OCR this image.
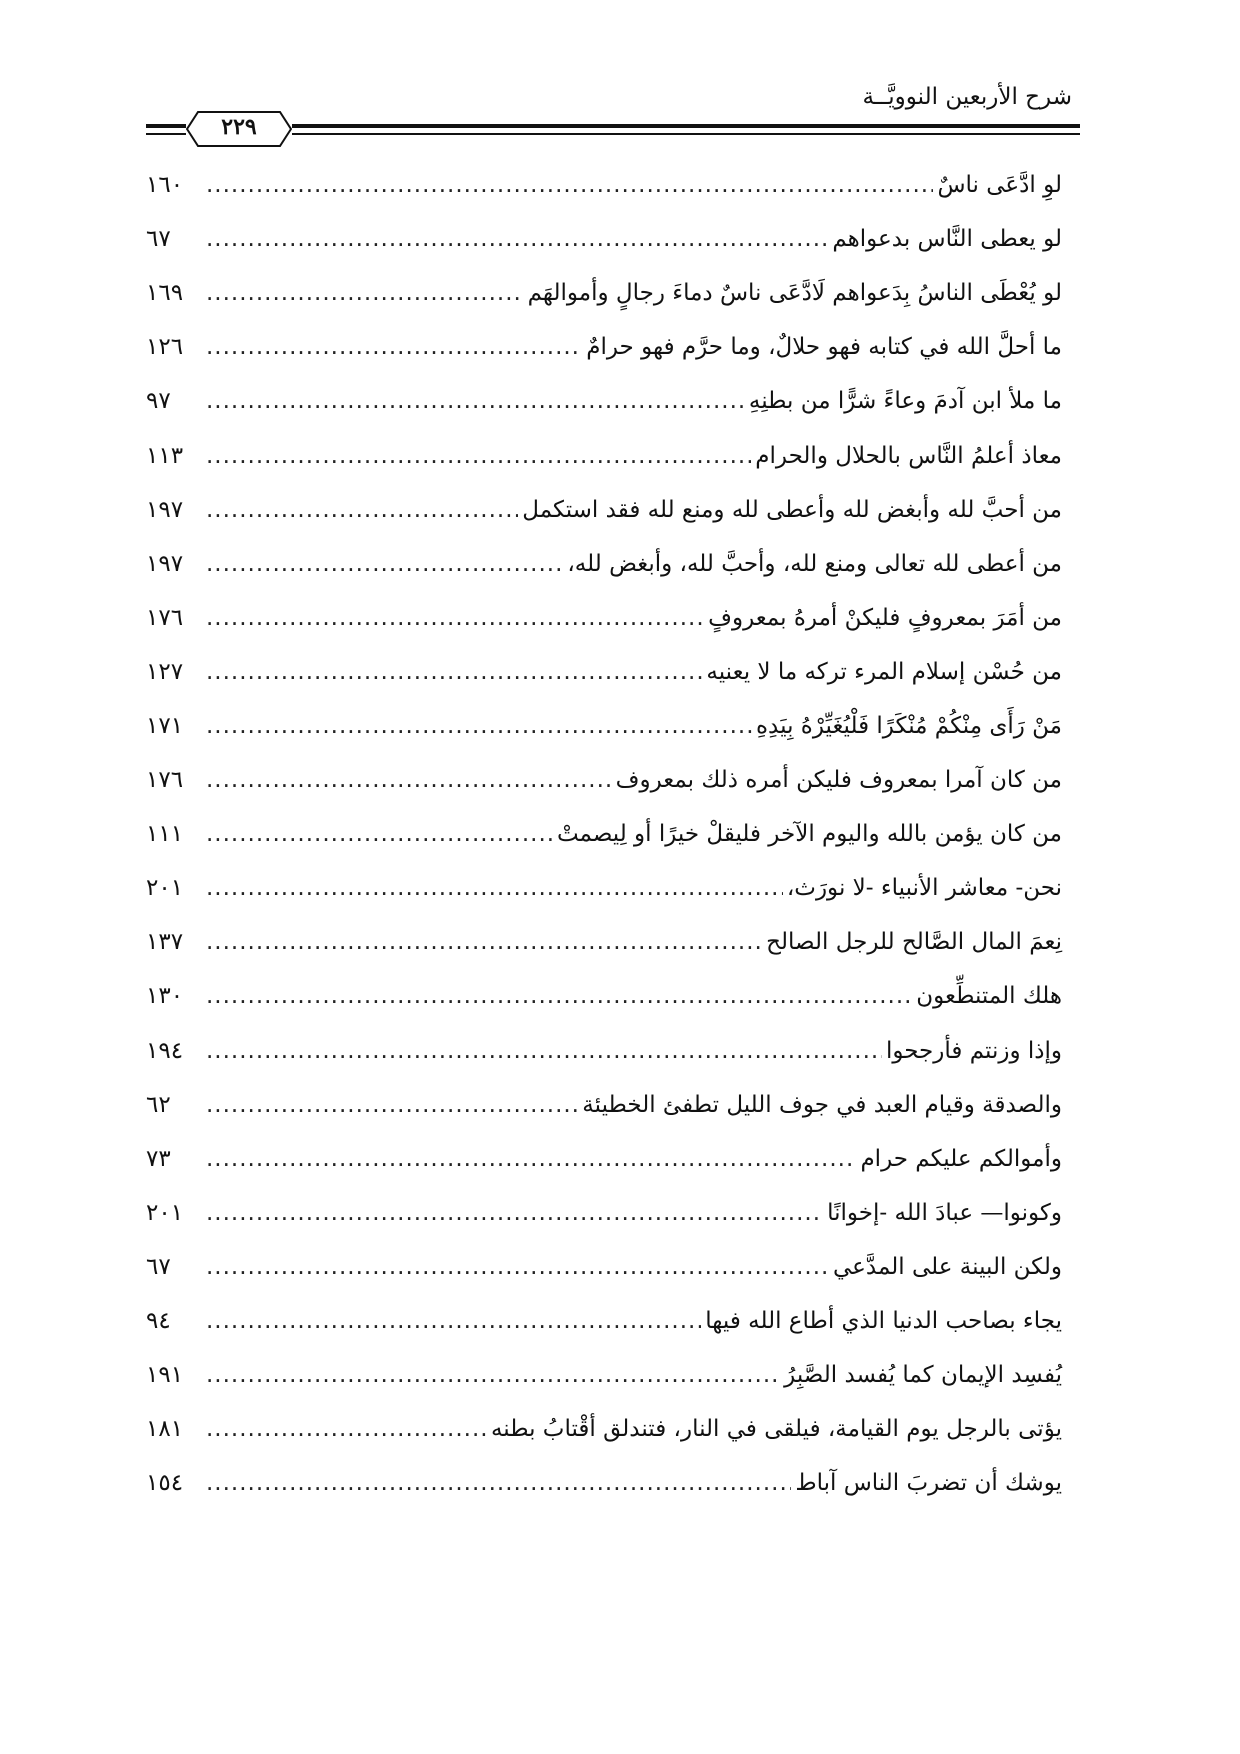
شرح الأربعين النوويَّــة
٢٢٩
لوِ ادَّعَى ناسٌ
.....
١٦٠
لو يعطى النَّاس بدعواهم
.....
٦٧
لو يُعْطَى الناسُ بِدَعواهم لَادَّعَى ناسٌ دماءَ رجالٍ وأموالهَم
.....
١٦٩
ما أحلَّ الله في كتابه فهو حلالٌ، وما حرَّم فهو حرامٌ
.....
١٢٦
ما ملأ ابن آدمَ وعاءً شرًّا من بطنِهِ
.....
٩٧
معاذ أعلمُ النَّاس بالحلال والحرام
.....
١١٣
من أحبَّ لله وأبغض لله وأعطى لله ومنع لله فقد استكمل
.....
١٩٧
من أعطى لله تعالى ومنع لله، وأحبَّ لله، وأبغض لله،
.....
١٩٧
من أمَرَ بمعروفٍ فليكنْ أمرهُ بمعروفٍ
.....
١٧٦
من حُسْن إسلام المرء تركه ما لا يعنيه
.....
١٢٧
مَنْ رَأَى مِنْكُمْ مُنْكَرًا فَلْيُغَيِّرْهُ بِيَدِهِ
.....
١٧١
من كان آمرا بمعروف فليكن أمره ذلك بمعروف
.....
١٧٦
من كان يؤمن بالله واليوم الآخر فليقلْ خيرًا أو لِيصمتْ
.....
١١١
نحن- معاشر الأنبياء -لا نورَث،
.....
٢٠١
نِعمَ المال الصَّالح للرجل الصالح
.....
١٣٧
هلك المتنطِّعون
.....
١٣٠
وإذا وزنتم فأرجحوا
.....
١٩٤
والصدقة وقيام العبد في جوف الليل تطفئ الخطيئة
.....
٦٢
وأموالكم عليكم حرام
.....
٧٣
وكونوا— عبادَ الله -إخوانًا
.....
٢٠١
ولكن البينة على المدَّعي
.....
٦٧
يجاء بصاحب الدنيا الذي أطاع الله فيها
.....
٩٤
يُفسِد الإيمان كما يُفسد الصَّبِرُ
.....
١٩١
يؤتى بالرجل يوم القيامة، فيلقى في النار، فتندلق أقْتابُ بطنه
.....
١٨١
يوشك أن تضربَ الناس آباط
.....
١٥٤
